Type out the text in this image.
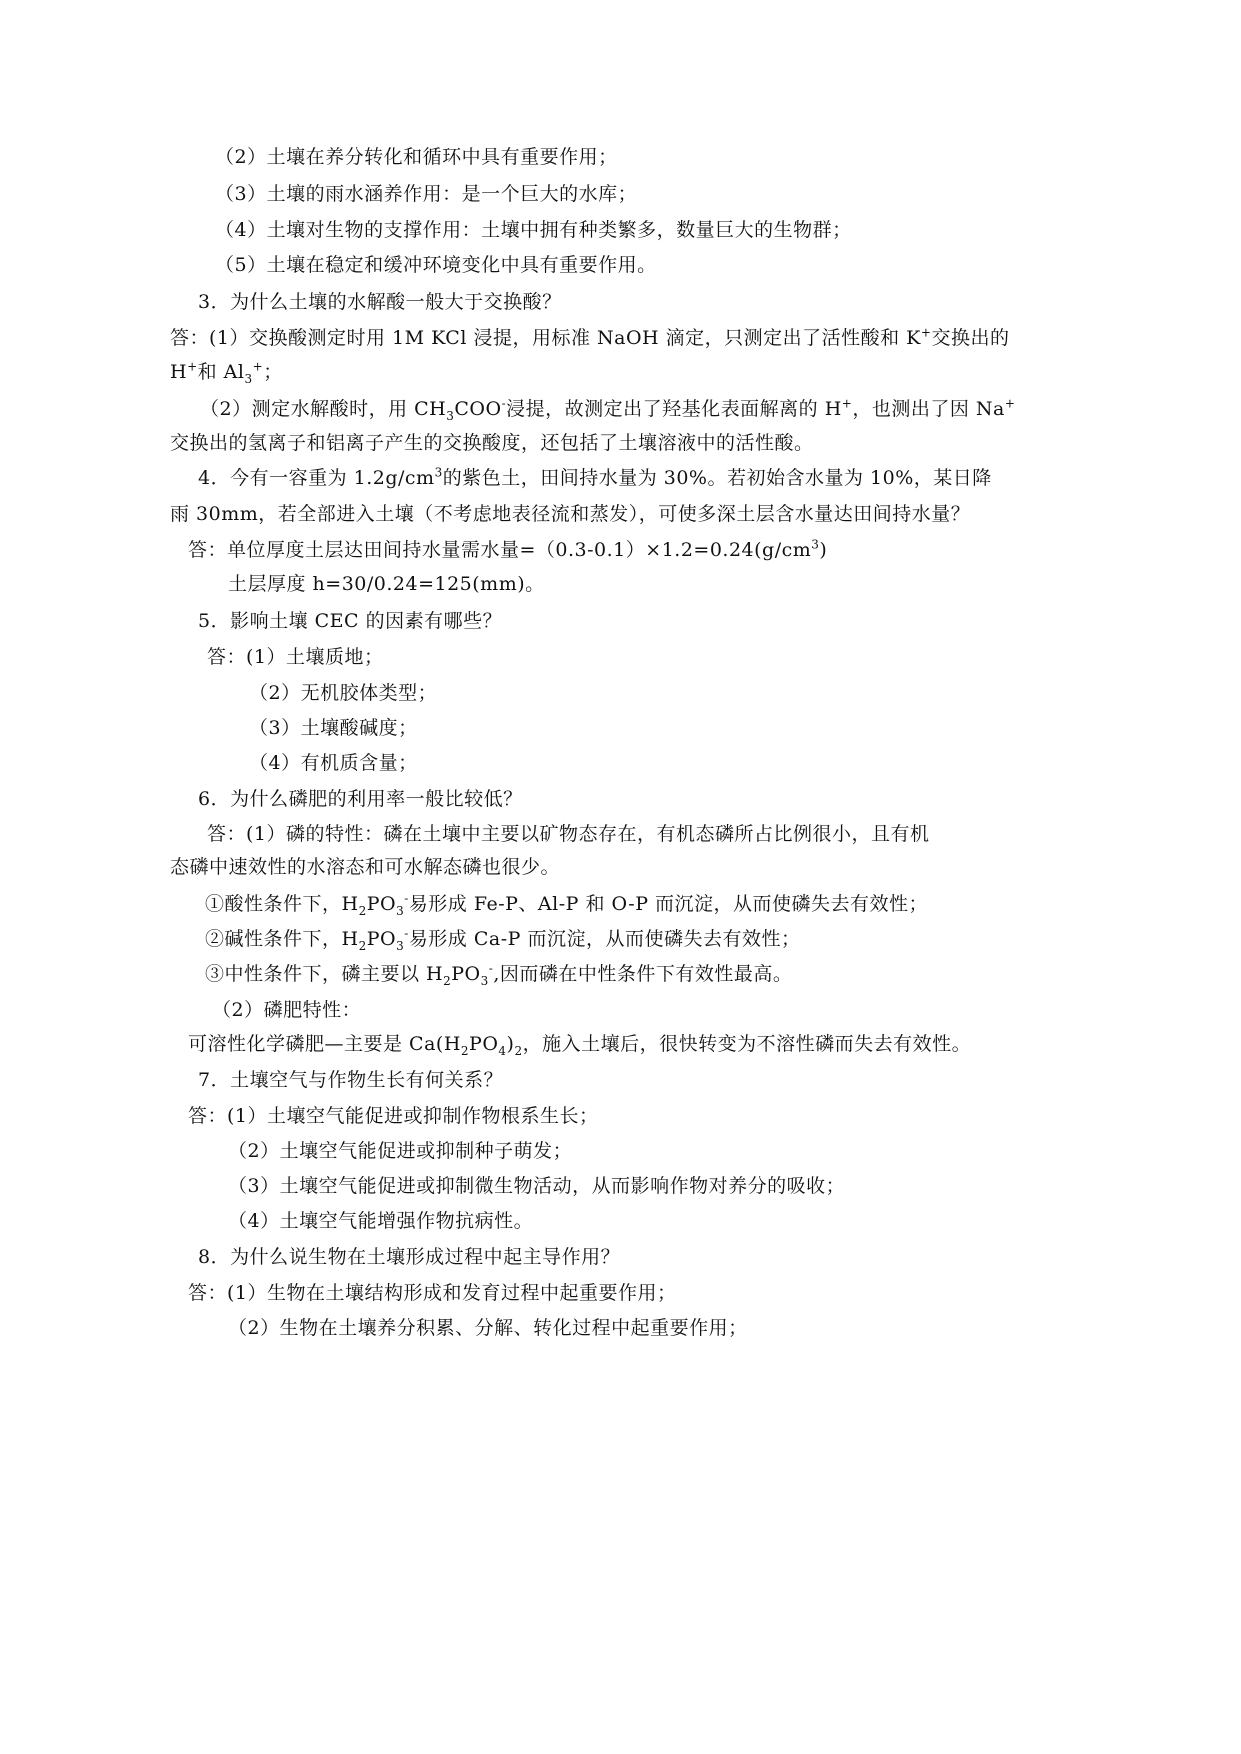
（2）土壤在养分转化和循环中具有重要作用；
（3）土壤的雨水涵养作用：是一个巨大的水库；
（4）土壤对生物的支撑作用：土壤中拥有种类繁多，数量巨大的生物群；
（5）土壤在稳定和缓冲环境变化中具有重要作用。
3．为什么土壤的水解酸一般大于交换酸？
答：(1）交换酸测定时用 1M KCl 浸提，用标准 NaOH 滴定，只测定出了活性酸和 K+交换出的
H+和 $Al_3^+$；
（2）测定水解酸时，用 $CH_3COO^-$浸提，故测定出了羟基化表面解离的 H+，也测出了因 Na+
交换出的氢离子和铝离子产生的交换酸度，还包括了土壤溶液中的活性酸。
4．今有一容重为 $1.2g/cm^3$的紫色土，田间持水量为 30%。若初始含水量为 10%，某日降
雨 30mm，若全部进入土壤（不考虑地表径流和蒸发），可使多深土层含水量达田间持水量？
答：单位厚度土层达田间持水量需水量$=(0.3-0.1)\times 1.2=0.24(g/cm^3)$
土层厚度 h=30/0.24=125(mm)。
5．影响土壤 CEC 的因素有哪些？
答：(1）土壤质地；
（2）无机胶体类型；
（3）土壤酸碱度；
（4）有机质含量；
6．为什么磷肥的利用率一般比较低？
答：(1）磷的特性：磷在土壤中主要以矿物态存在，有机态磷所占比例很小，且有机
态磷中速效性的水溶态和可水解态磷也很少。
①酸性条件下，$H_2PO_3^-$易形成 Fe-P、Al-P 和 O-P 而沉淀，从而使磷失去有效性；
②碱性条件下，$H_2PO_3^-$易形成 Ca-P 而沉淀，从而使磷失去有效性；
③中性条件下，磷主要以 $H_2PO_3^-$,因而磷在中性条件下有效性最高。
（2）磷肥特性：
可溶性化学磷肥—主要是 $Ca(H_2PO_4)_2$，施入土壤后，很快转变为不溶性磷而失去有效性。
7．土壤空气与作物生长有何关系？
答：(1）土壤空气能促进或抑制作物根系生长；
（2）土壤空气能促进或抑制种子萌发；
（3）土壤空气能促进或抑制微生物活动，从而影响作物对养分的吸收；
（4）土壤空气能增强作物抗病性。
8．为什么说生物在土壤形成过程中起主导作用？
答：(1）生物在土壤结构形成和发育过程中起重要作用；
（2）生物在土壤养分积累、分解、转化过程中起重要作用；
